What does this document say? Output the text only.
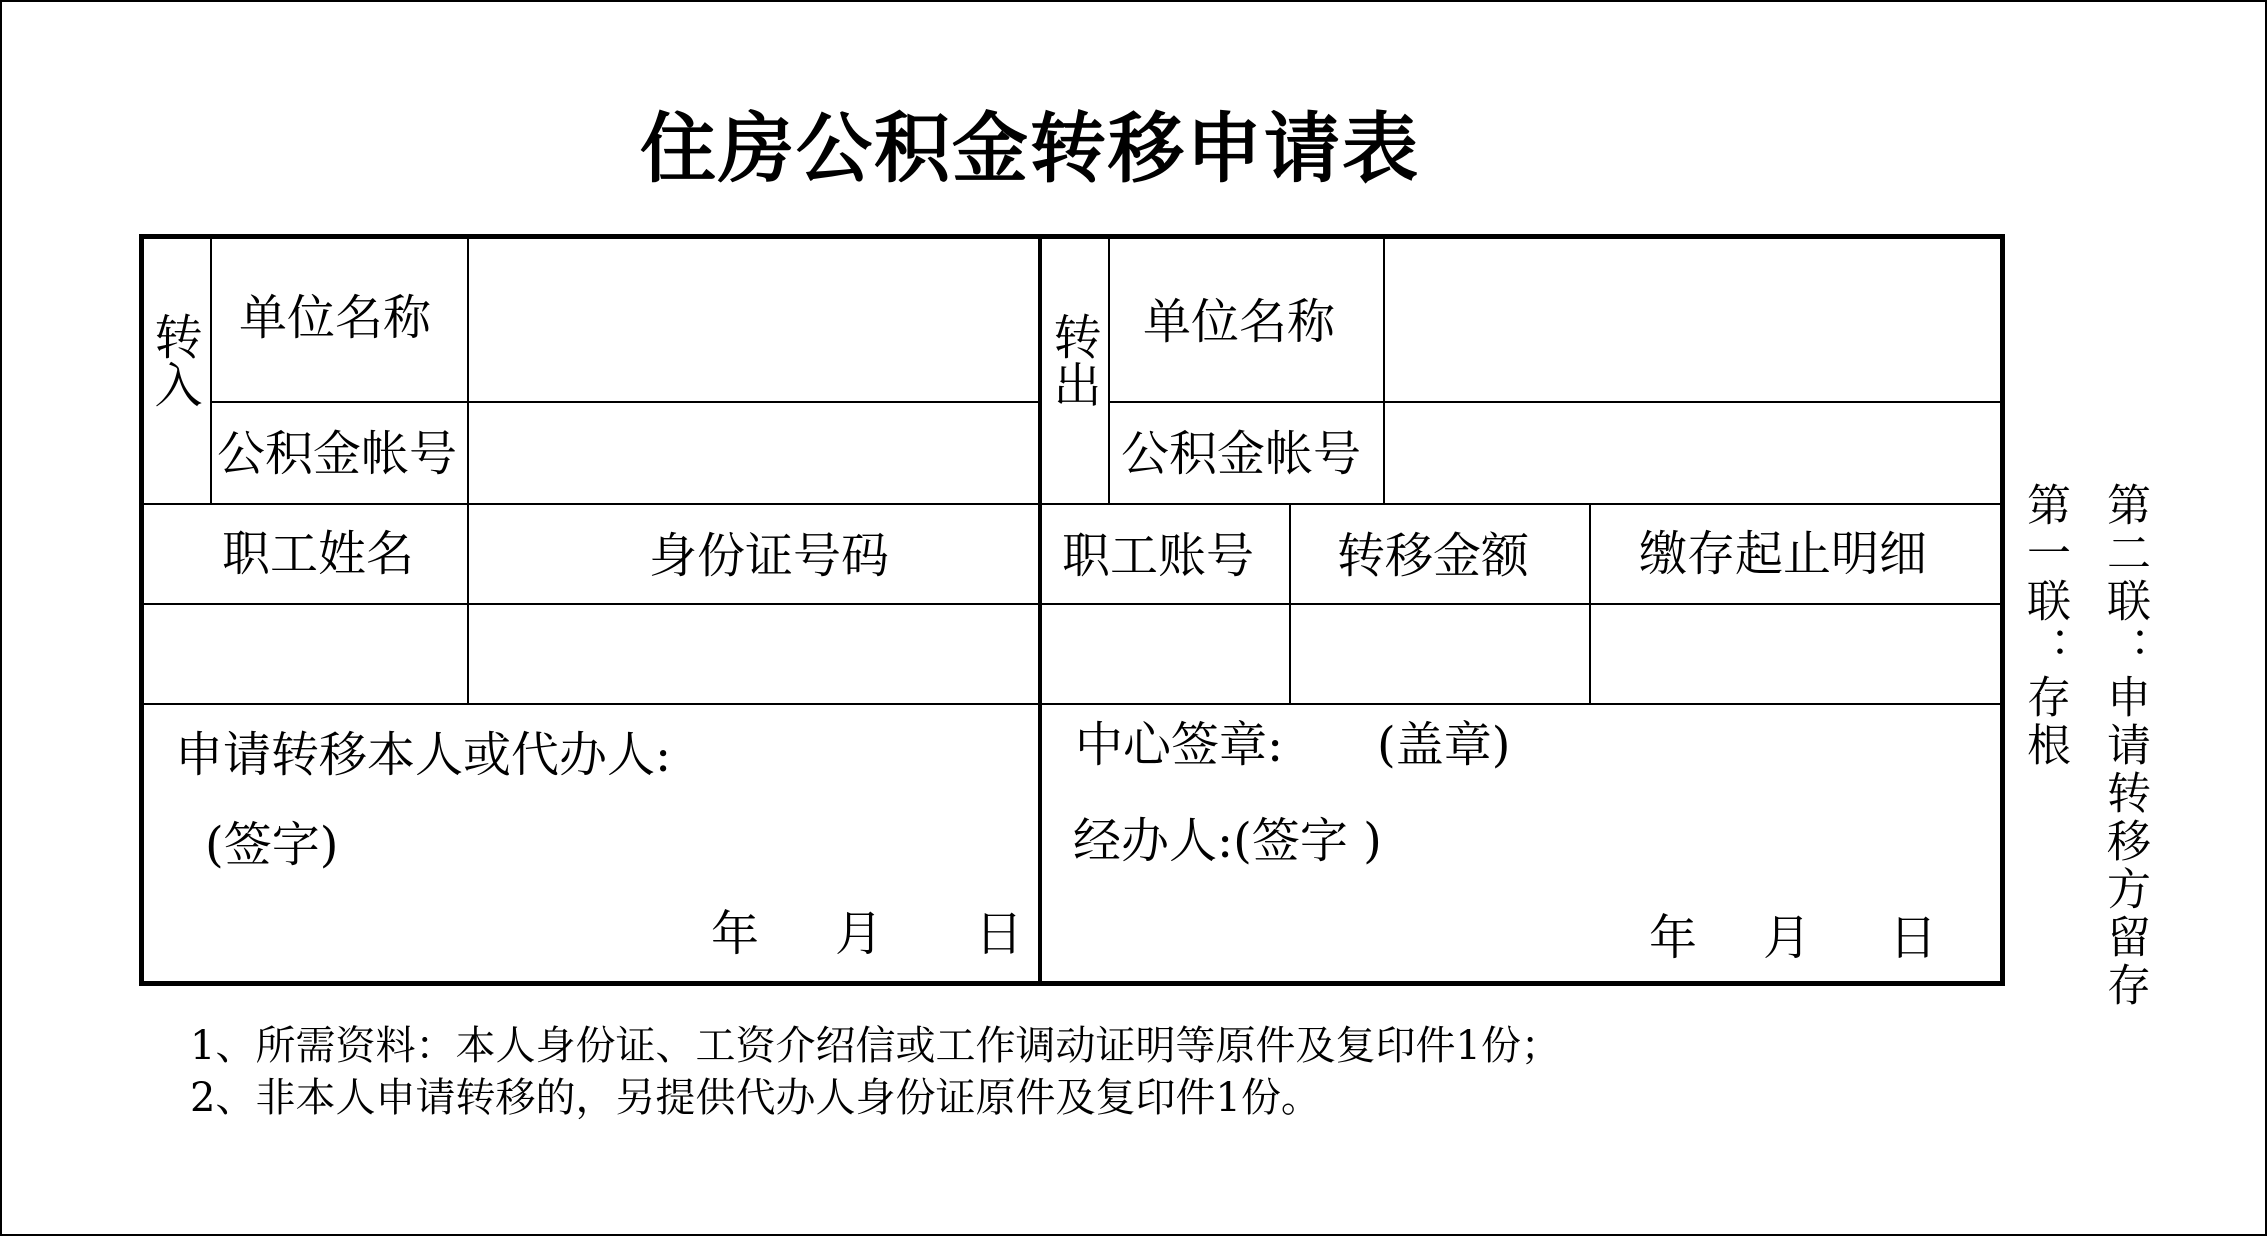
住房公积金转移申请表
转入 单位名称
公积金帐号
转出 单位名称
公积金帐号
职工姓名	身份证号码	职工账号 转移金额 缴存起止明细
申请转移本人或代办人:
(签字)
年 月 日
中心签章: (盖章)
经办人:(签字 )
年 月 日
第一联：存根 第二联：申请转移方留存
1、所需资料：本人身份证、工资介绍信或工作调动证明等原件及复印件1份；
2、非本人申请转移的，另提供代办人身份证原件及复印件1份。
